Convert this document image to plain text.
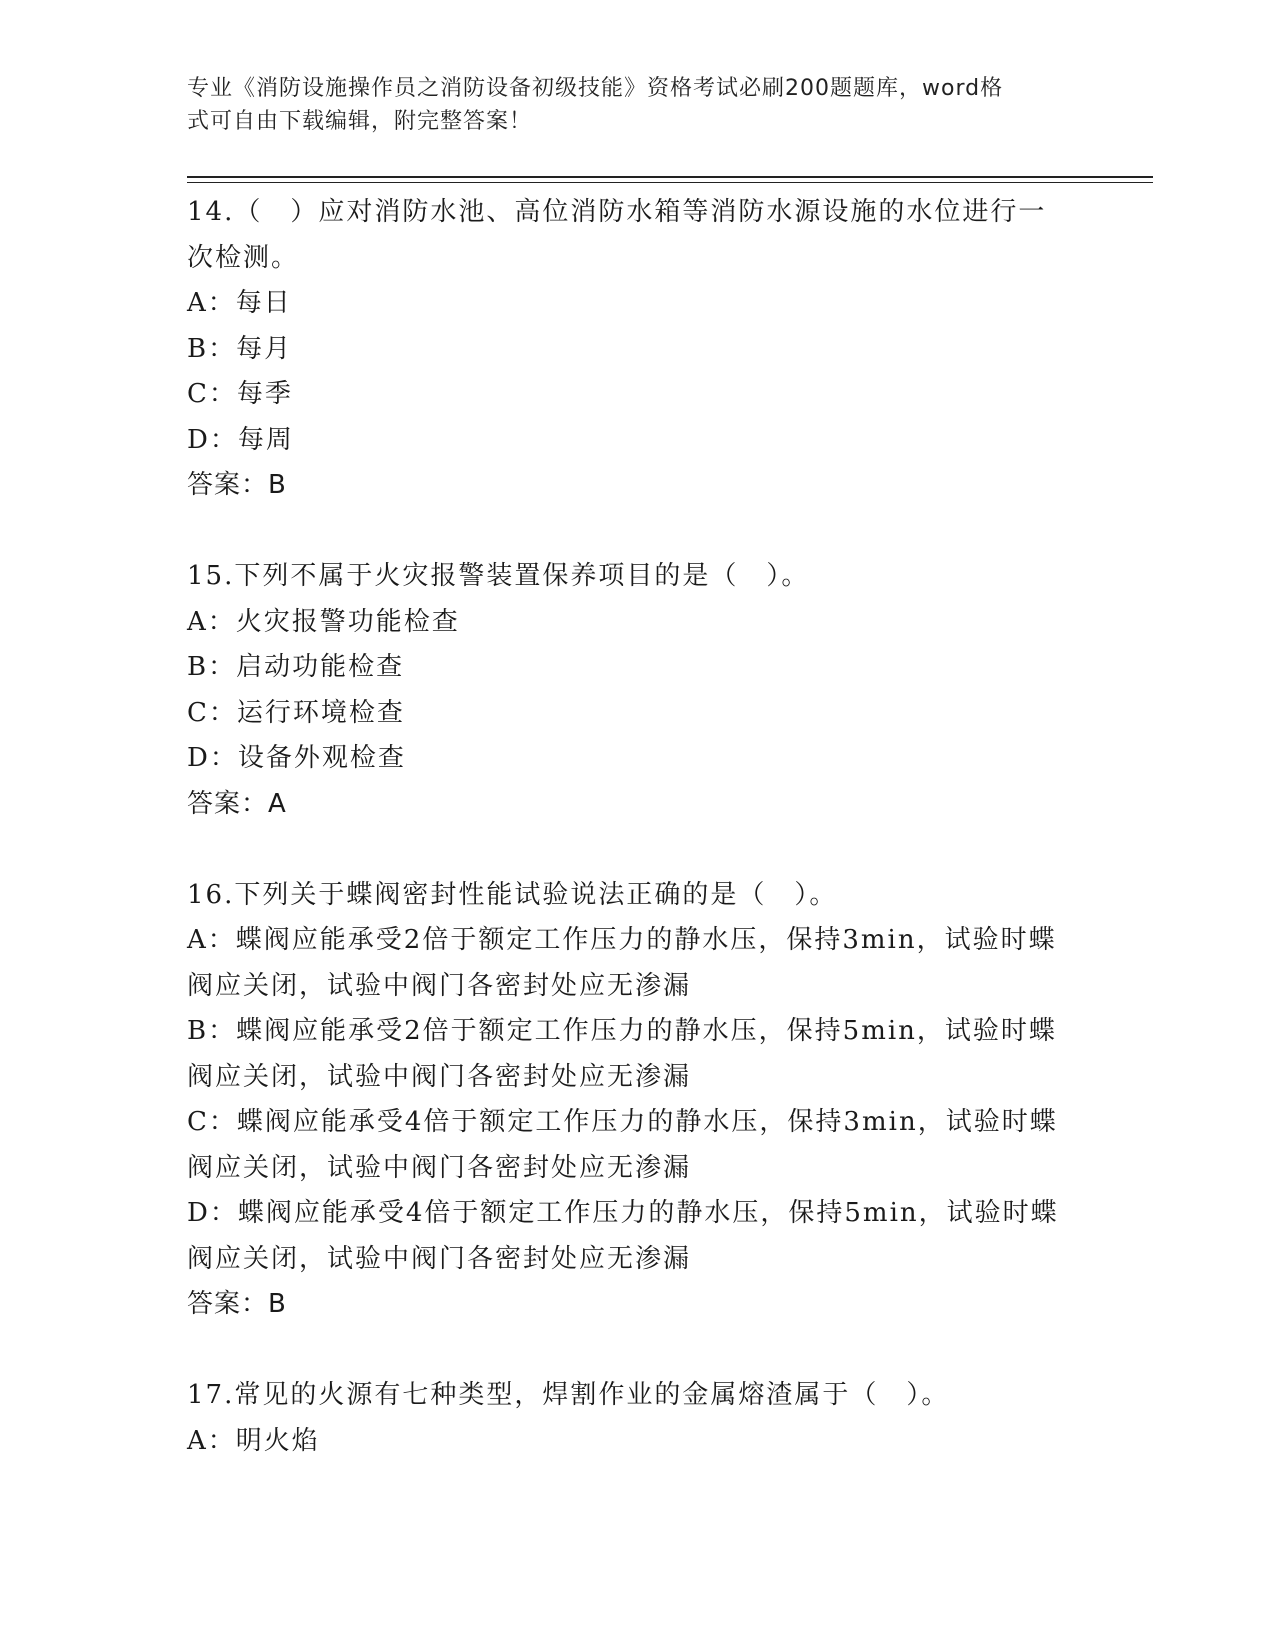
专业《消防设施操作员之消防设备初级技能》资格考试必刷200题题库，word格
式可自由下载编辑，附完整答案！
14.（　）应对消防水池、高位消防水箱等消防水源设施的水位进行一
次检测。
A：每日
B：每月
C：每季
D：每周
答案：B
15.下列不属于火灾报警装置保养项目的是（　）。
A：火灾报警功能检查
B：启动功能检查
C：运行环境检查
D：设备外观检查
答案：A
16.下列关于蝶阀密封性能试验说法正确的是（　）。
A：蝶阀应能承受2倍于额定工作压力的静水压，保持3min，试验时蝶
阀应关闭，试验中阀门各密封处应无渗漏
B：蝶阀应能承受2倍于额定工作压力的静水压，保持5min，试验时蝶
阀应关闭，试验中阀门各密封处应无渗漏
C：蝶阀应能承受4倍于额定工作压力的静水压，保持3min，试验时蝶
阀应关闭，试验中阀门各密封处应无渗漏
D：蝶阀应能承受4倍于额定工作压力的静水压，保持5min，试验时蝶
阀应关闭，试验中阀门各密封处应无渗漏
答案：B
17.常见的火源有七种类型，焊割作业的金属熔渣属于（　）。
A：明火焰
